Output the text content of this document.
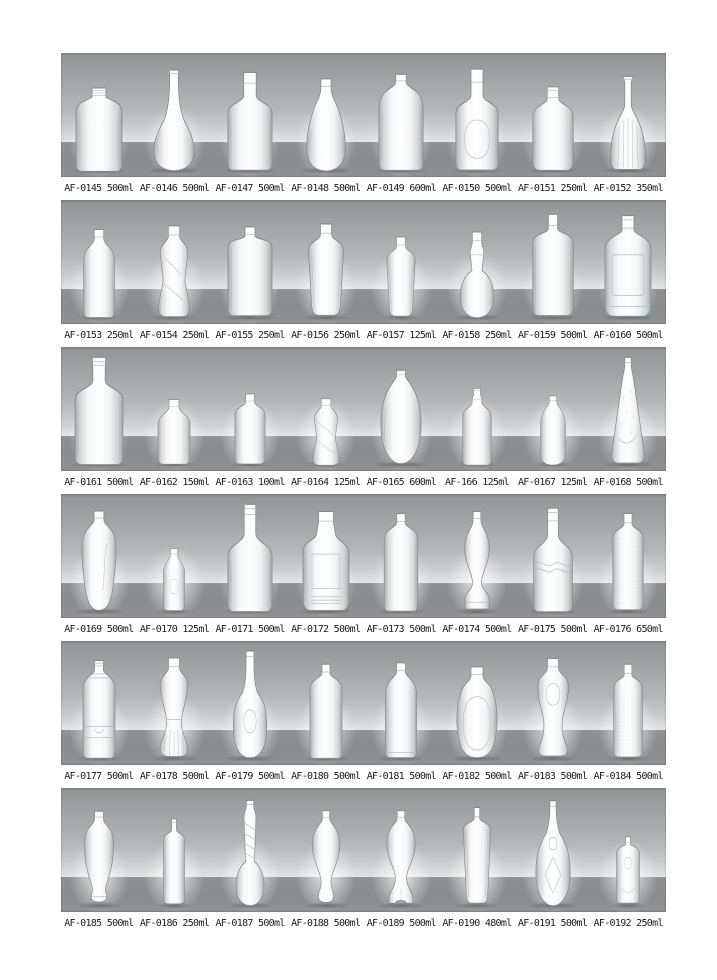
AF-0145 500ml AF-0146 500ml AF-0147 500ml AF-0148 500ml AF-0149 600ml AF-0150 500ml AF-0151 250ml AF-0152 350ml
AF-0153 250ml AF-0154 250ml AF-0155 250ml AF-0156 250ml AF-0157 125ml AF-0158 250ml AF-0159 500ml AF-0160 500ml
AF-0161 500ml AF-0162 150ml AF-0163 100ml AF-0164 125ml AF-0165 600ml AF-166 125ml AF-0167 125ml AF-0168 500ml
AF-0169 500ml AF-0170 125ml AF-0171 500ml AF-0172 500ml AF-0173 500ml AF-0174 500ml AF-0175 500ml AF-0176 650ml
AF-0177 500ml AF-0178 500ml AF-0179 500ml AF-0180 500ml AF-0181 500ml AF-0182 500ml AF-0183 500ml AF-0184 500ml
AF-0185 500ml AF-0186 250ml AF-0187 500ml AF-0188 500ml AF-0189 500ml AF-0190 480ml AF-0191 500ml AF-0192 250ml
